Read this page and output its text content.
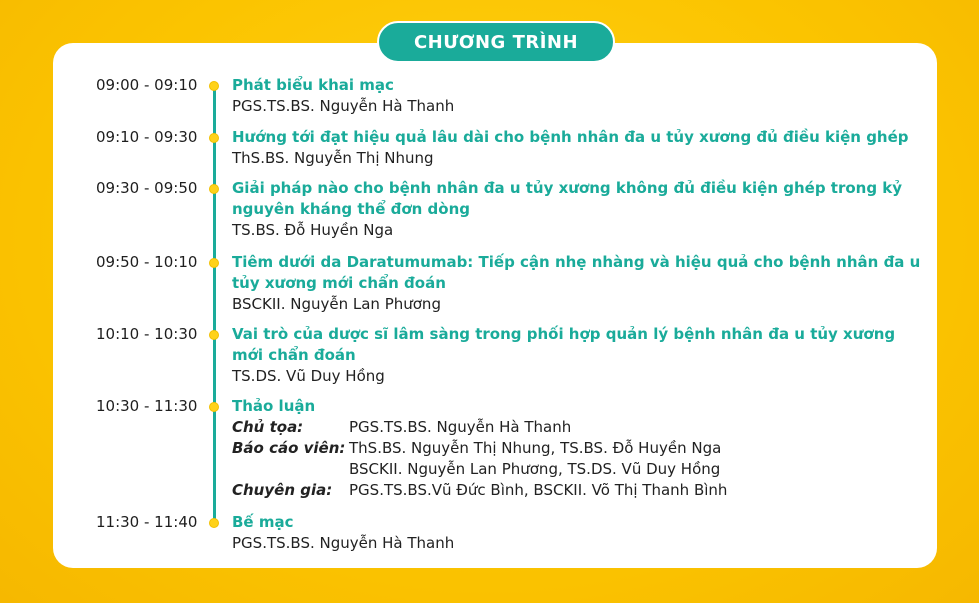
CHƯƠNG TRÌNH
09:00 - 09:10 Phát biểu khai mạc
PGS.TS.BS. Nguyễn Hà Thanh
09:10 - 09:30 Hướng tới đạt hiệu quả lâu dài cho bệnh nhân đa u tủy xương đủ điều kiện ghép
ThS.BS. Nguyễn Thị Nhung
09:30 - 09:50 Giải pháp nào cho bệnh nhân đa u tủy xương không đủ điều kiện ghép trong kỷ
nguyên kháng thể đơn dòng
TS.BS. Đỗ Huyền Nga
09:50 - 10:10 Tiêm dưới da Daratumumab: Tiếp cận nhẹ nhàng và hiệu quả cho bệnh nhân đa u
tủy xương mới chẩn đoán
BSCKII. Nguyễn Lan Phương
10:10 - 10:30 Vai trò của dược sĩ lâm sàng trong phối hợp quản lý bệnh nhân đa u tủy xương
mới chẩn đoán
TS.DS. Vũ Duy Hồng
10:30 - 11:30 Thảo luận
Chủ tọa:	PGS.TS.BS. Nguyễn Hà Thanh
Báo cáo viên: ThS.BS. Nguyễn Thị Nhung, TS.BS. Đỗ Huyền Nga
BSCKII. Nguyễn Lan Phương, TS.DS. Vũ Duy Hồng
Chuyên gia:	PGS.TS.BS.Vũ Đức Bình, BSCKII. Võ Thị Thanh Bình
11:30 - 11:40 Bế mạc
PGS.TS.BS. Nguyễn Hà Thanh
